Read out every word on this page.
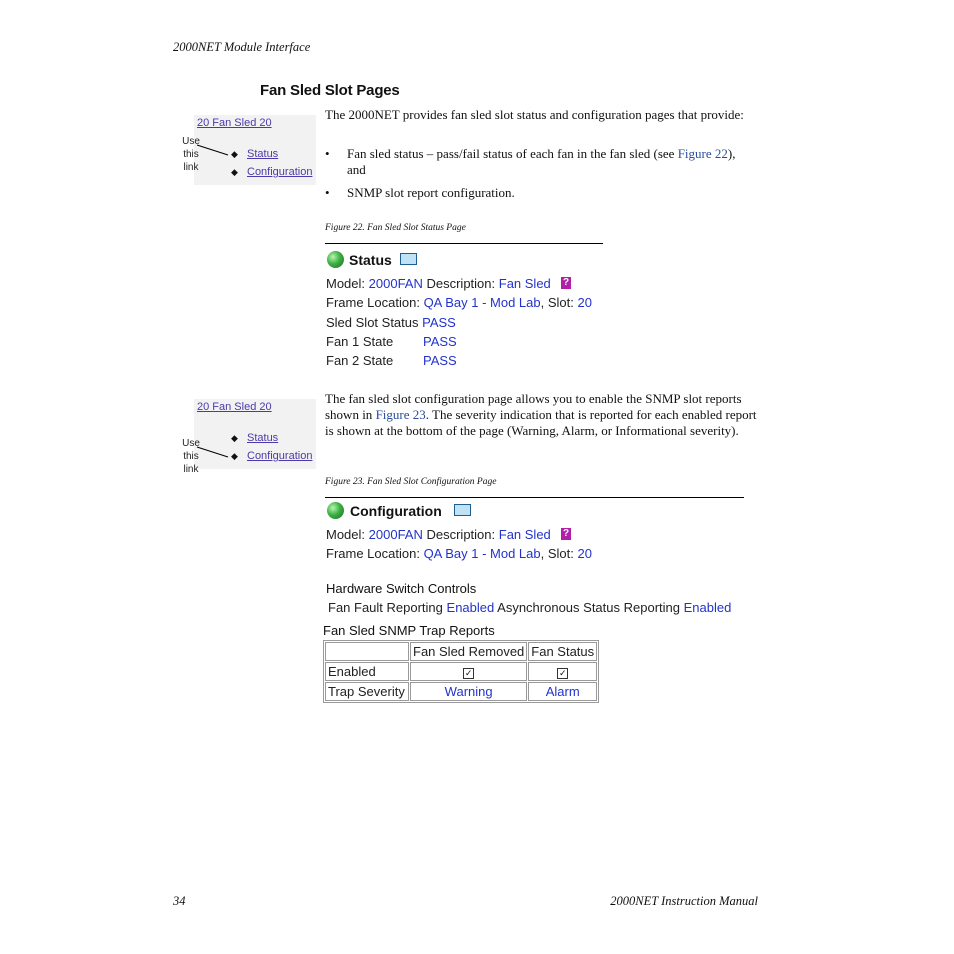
2000NET Module Interface
Fan Sled Slot Pages
20 Fan Sled 20
◆ Status
◆ Configuration
Use this link
The 2000NET provides fan sled slot status and configuration pages that provide:
• Fan sled status – pass/fail status of each fan in the fan sled (see Figure 22), and
• SNMP slot report configuration.
Figure 22. Fan Sled Slot Status Page
Status
Model: 2000FAN Description: Fan Sled ?
Frame Location: QA Bay 1 - Mod Lab, Slot: 20
Sled Slot Status PASS
Fan 1 State PASS
Fan 2 State PASS
20 Fan Sled 20
◆ Status
◆ Configuration
Use this link
The fan sled slot configuration page allows you to enable the SNMP slot reports shown in Figure 23. The severity indication that is reported for each enabled report is shown at the bottom of the page (Warning, Alarm, or Informational severity).
Figure 23. Fan Sled Slot Configuration Page
Configuration
Model: 2000FAN Description: Fan Sled ?
Frame Location: QA Bay 1 - Mod Lab, Slot: 20
Hardware Switch Controls
Fan Fault Reporting Enabled Asynchronous Status Reporting Enabled
Fan Sled SNMP Trap Reports
	Fan Sled Removed	Fan Status
Enabled	✓	✓
Trap Severity	Warning	Alarm
34	2000NET Instruction Manual
